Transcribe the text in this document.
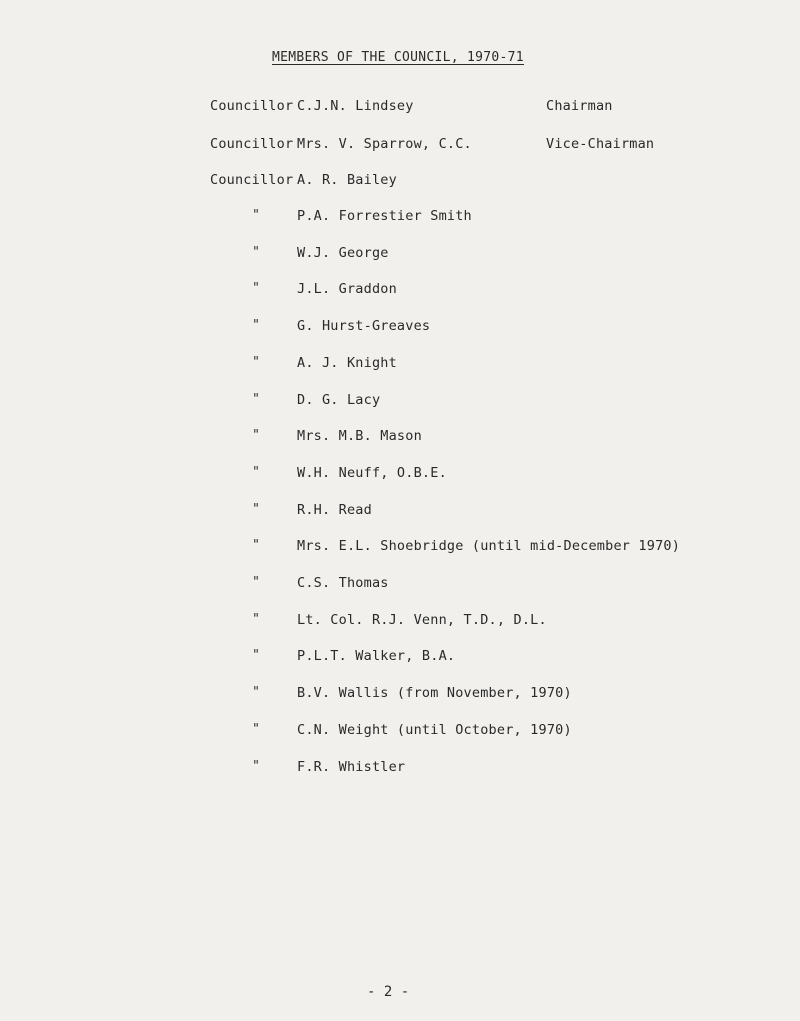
MEMBERS OF THE COUNCIL, 1970-71
Councillor C.J.N. Lindsey	Chairman
Councillor Mrs. V. Sparrow, C.C.	Vice-Chairman
Councillor A. R. Bailey
"	P.A. Forrestier Smith
"	W.J. George
"	J.L. Graddon
"	G. Hurst-Greaves
"	A. J. Knight
"	D. G. Lacy
"	Mrs. M.B. Mason
"	W.H. Neuff, O.B.E.
"	R.H. Read
"	Mrs. E.L. Shoebridge (until mid-December 1970)
"	C.S. Thomas
"	Lt. Col. R.J. Venn, T.D., D.L.
"	P.L.T. Walker, B.A.
"	B.V. Wallis (from November, 1970)
"	C.N. Weight (until October, 1970)
"	F.R. Whistler
- 2 -
